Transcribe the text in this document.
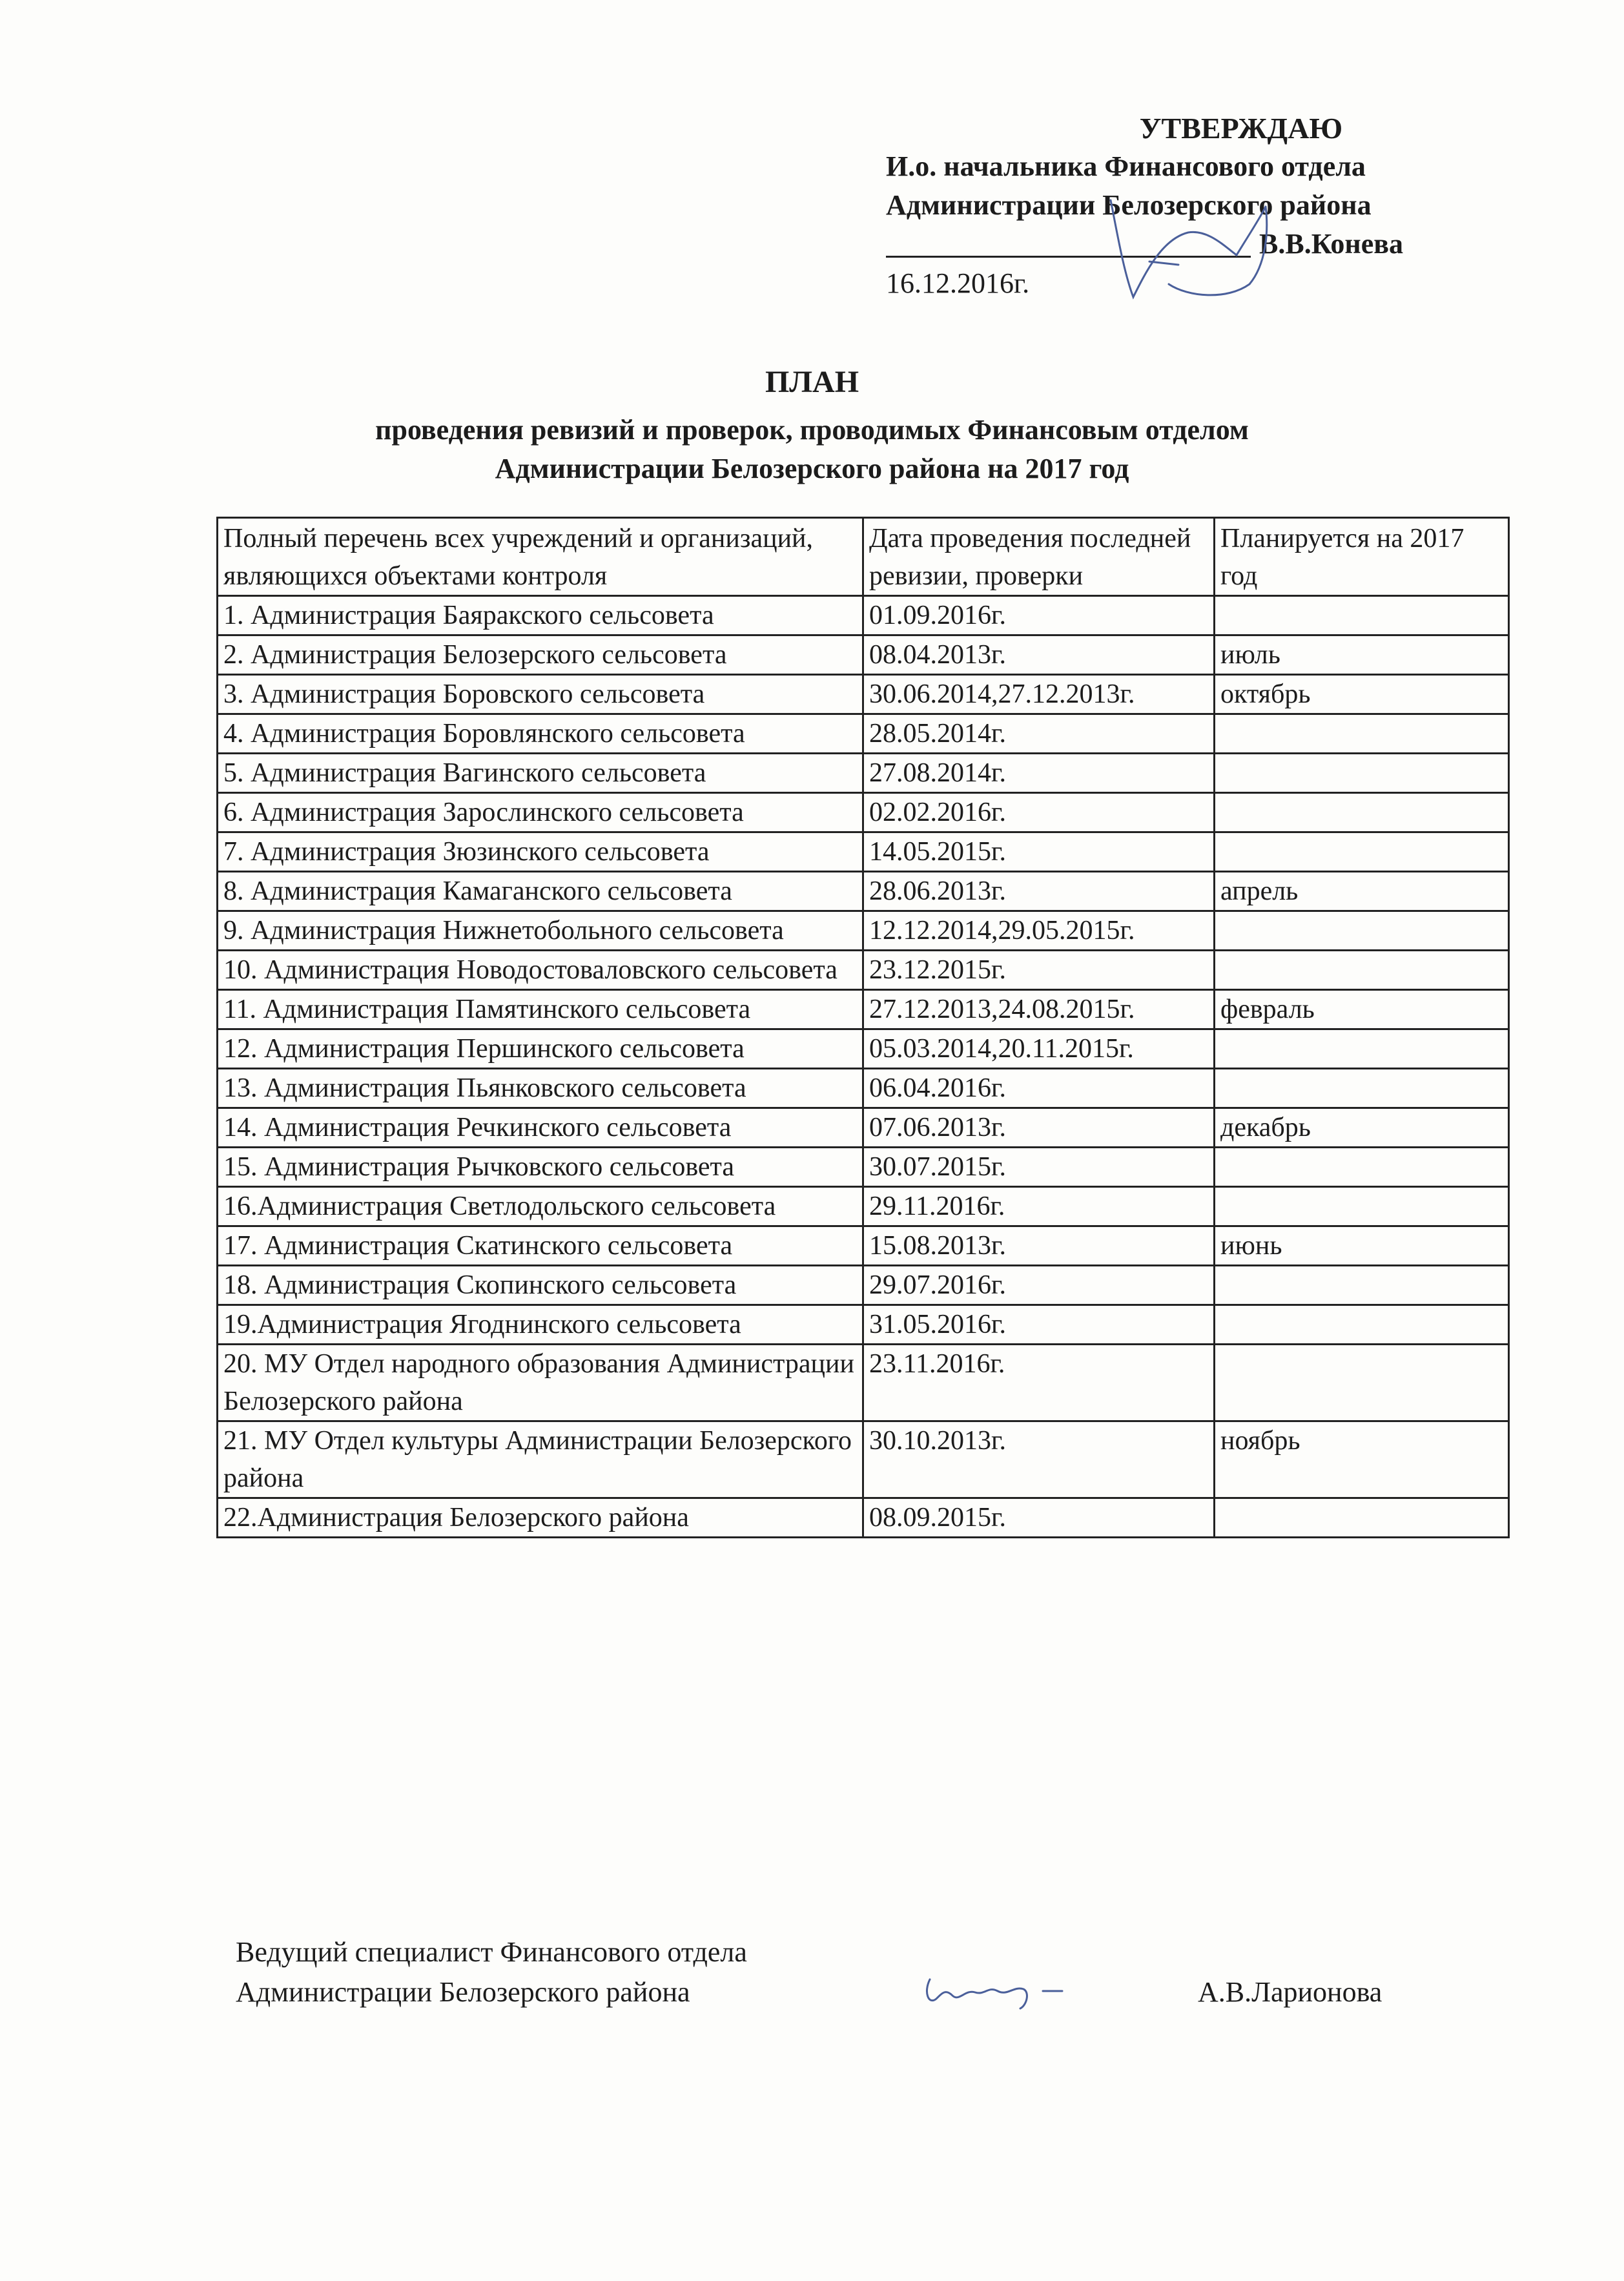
УТВЕРЖДАЮ
И.о. начальника Финансового отдела
Администрации Белозерского района
В.В.Конева
16.12.2016г.
ПЛАН
проведения ревизий и проверок, проводимых Финансовым отделом
Администрации Белозерского района на 2017 год
Полный перечень всех учреждений и организаций, являющихся объектами контроля	Дата проведения последней ревизии, проверки	Планируется на 2017 год
1. Администрация Баяракского сельсовета	01.09.2016г.	
2. Администрация Белозерского сельсовета	08.04.2013г.	июль
3. Администрация Боровского сельсовета	30.06.2014,27.12.2013г.	октябрь
4. Администрация Боровлянского сельсовета	28.05.2014г.	
5. Администрация Вагинского сельсовета	27.08.2014г.	
6. Администрация Зарослинского сельсовета	02.02.2016г.	
7. Администрация Зюзинского сельсовета	14.05.2015г.	
8. Администрация Камаганского сельсовета	28.06.2013г.	апрель
9. Администрация Нижнетобольного сельсовета	12.12.2014,29.05.2015г.	
10. Администрация Новодостоваловского сельсовета	23.12.2015г.	
11. Администрация Памятинского сельсовета	27.12.2013,24.08.2015г.	февраль
12. Администрация Першинского сельсовета	05.03.2014,20.11.2015г.	
13. Администрация Пьянковского сельсовета	06.04.2016г.	
14. Администрация Речкинского сельсовета	07.06.2013г.	декабрь
15. Администрация Рычковского сельсовета	30.07.2015г.	
16.Администрация Светлодольского сельсовета	29.11.2016г.	
17. Администрация Скатинского сельсовета	15.08.2013г.	июнь
18. Администрация Скопинского сельсовета	29.07.2016г.	
19.Администрация Ягоднинского сельсовета	31.05.2016г.	
20. МУ Отдел народного образования Администрации Белозерского района	23.11.2016г.	
21. МУ Отдел культуры Администрации Белозерского района	30.10.2013г.	ноябрь
22.Администрация Белозерского района	08.09.2015г.	
Ведущий специалист Финансового отдела
Администрации Белозерского района	А.В.Ларионова
